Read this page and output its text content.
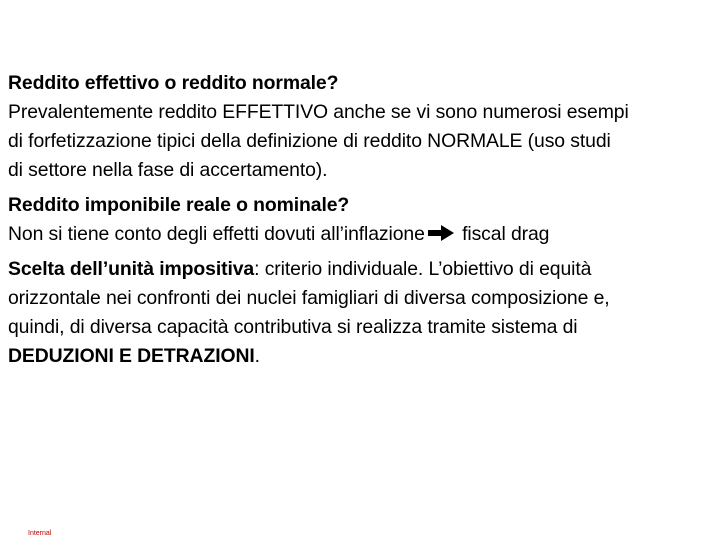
Reddito effettivo o reddito normale?
Prevalentemente reddito EFFETTIVO anche se vi sono numerosi esempi
di forfetizzazione tipici della definizione di reddito NORMALE (uso studi
di settore nella fase di accertamento).

Reddito imponibile reale o nominale?
Non si tiene conto degli effetti dovuti all’inflazione fiscal drag

Scelta dell’unità impositiva: criterio individuale. L’obiettivo di equità
orizzontale nei confronti dei nuclei famigliari di diversa composizione e,
quindi, di diversa capacità contributiva si realizza tramite sistema di
DEDUZIONI E DETRAZIONI.

Internal
